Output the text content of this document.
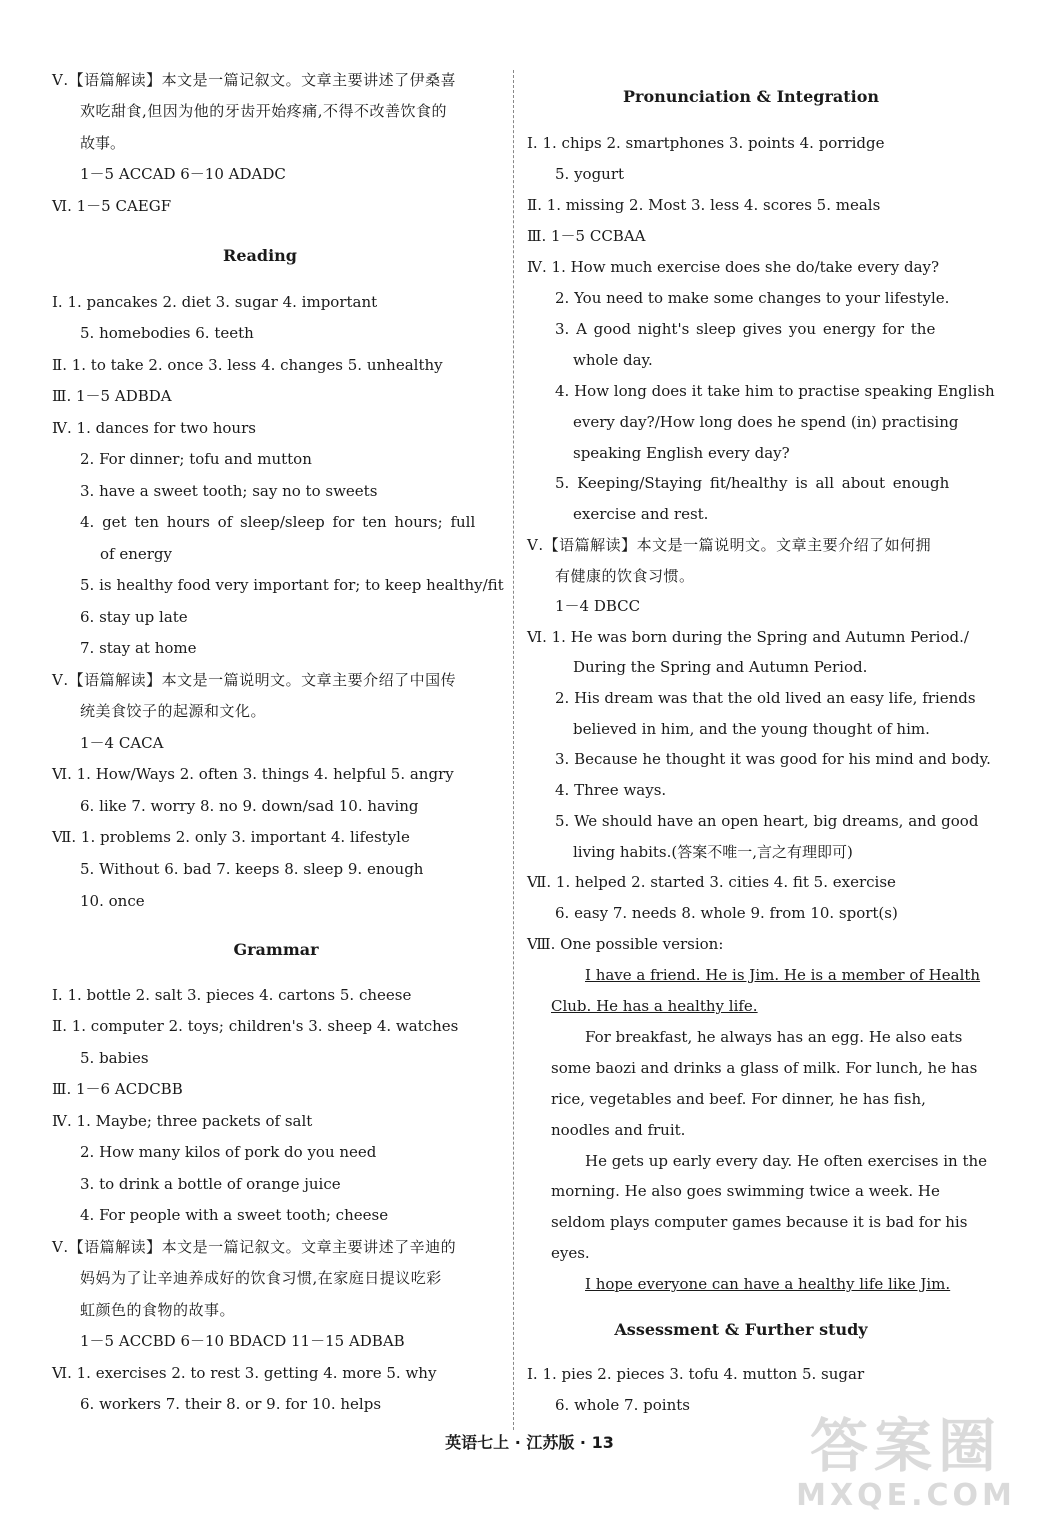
Ⅴ.【语篇解读】本文是一篇记叙文。文章主要讲述了伊桑喜
欢吃甜食,但因为他的牙齿开始疼痛,不得不改善饮食的
故事。
1－5 ACCAD 6－10 ADADC
Ⅵ. 1－5 CAEGF
Reading
Ⅰ. 1. pancakes 2. diet 3. sugar 4. important
5. homebodies 6. teeth
Ⅱ. 1. to take 2. once 3. less 4. changes 5. unhealthy
Ⅲ. 1－5 ADBDA
Ⅳ. 1. dances for two hours
2. For dinner; tofu and mutton
3. have a sweet tooth; say no to sweets
4. get ten hours of sleep/sleep for ten hours; full
of energy
5. is healthy food very important for; to keep healthy/fit
6. stay up late
7. stay at home
Ⅴ.【语篇解读】本文是一篇说明文。文章主要介绍了中国传
统美食饺子的起源和文化。
1－4 CACA
Ⅵ. 1. How/Ways 2. often 3. things 4. helpful 5. angry
6. like 7. worry 8. no 9. down/sad 10. having
Ⅶ. 1. problems 2. only 3. important 4. lifestyle
5. Without 6. bad 7. keeps 8. sleep 9. enough
10. once
Grammar
Ⅰ. 1. bottle 2. salt 3. pieces 4. cartons 5. cheese
Ⅱ. 1. computer 2. toys; children's 3. sheep 4. watches
5. babies
Ⅲ. 1－6 ACDCBB
Ⅳ. 1. Maybe; three packets of salt
2. How many kilos of pork do you need
3. to drink a bottle of orange juice
4. For people with a sweet tooth; cheese
Ⅴ.【语篇解读】本文是一篇记叙文。文章主要讲述了辛迪的
妈妈为了让辛迪养成好的饮食习惯,在家庭日提议吃彩
虹颜色的食物的故事。
1－5 ACCBD 6－10 BDACD 11－15 ADBAB
Ⅵ. 1. exercises 2. to rest 3. getting 4. more 5. why
6. workers 7. their 8. or 9. for 10. helps
Pronunciation & Integration
Ⅰ. 1. chips 2. smartphones 3. points 4. porridge
5. yogurt
Ⅱ. 1. missing 2. Most 3. less 4. scores 5. meals
Ⅲ. 1－5 CCBAA
Ⅳ. 1. How much exercise does she do/take every day?
2. You need to make some changes to your lifestyle.
3. A good night's sleep gives you energy for the
whole day.
4. How long does it take him to practise speaking English
every day?/How long does he spend (in) practising
speaking English every day?
5. Keeping/Staying fit/healthy is all about enough
exercise and rest.
Ⅴ.【语篇解读】本文是一篇说明文。文章主要介绍了如何拥
有健康的饮食习惯。
1－4 DBCC
Ⅵ. 1. He was born during the Spring and Autumn Period./
During the Spring and Autumn Period.
2. His dream was that the old lived an easy life, friends
believed in him, and the young thought of him.
3. Because he thought it was good for his mind and body.
4. Three ways.
5. We should have an open heart, big dreams, and good
living habits.(答案不唯一,言之有理即可)
Ⅶ. 1. helped 2. started 3. cities 4. fit 5. exercise
6. easy 7. needs 8. whole 9. from 10. sport(s)
Ⅷ. One possible version:
I have a friend. He is Jim. He is a member of Health
Club. He has a healthy life.
For breakfast, he always has an egg. He also eats
some baozi and drinks a glass of milk. For lunch, he has
rice, vegetables and beef. For dinner, he has fish,
noodles and fruit.
He gets up early every day. He often exercises in the
morning. He also goes swimming twice a week. He
seldom plays computer games because it is bad for his
eyes.
I hope everyone can have a healthy life like Jim.
Assessment & Further study
Ⅰ. 1. pies 2. pieces 3. tofu 4. mutton 5. sugar
6. whole 7. points
英语七上 · 江苏版 · 13	答案圈
MXQE.COM
